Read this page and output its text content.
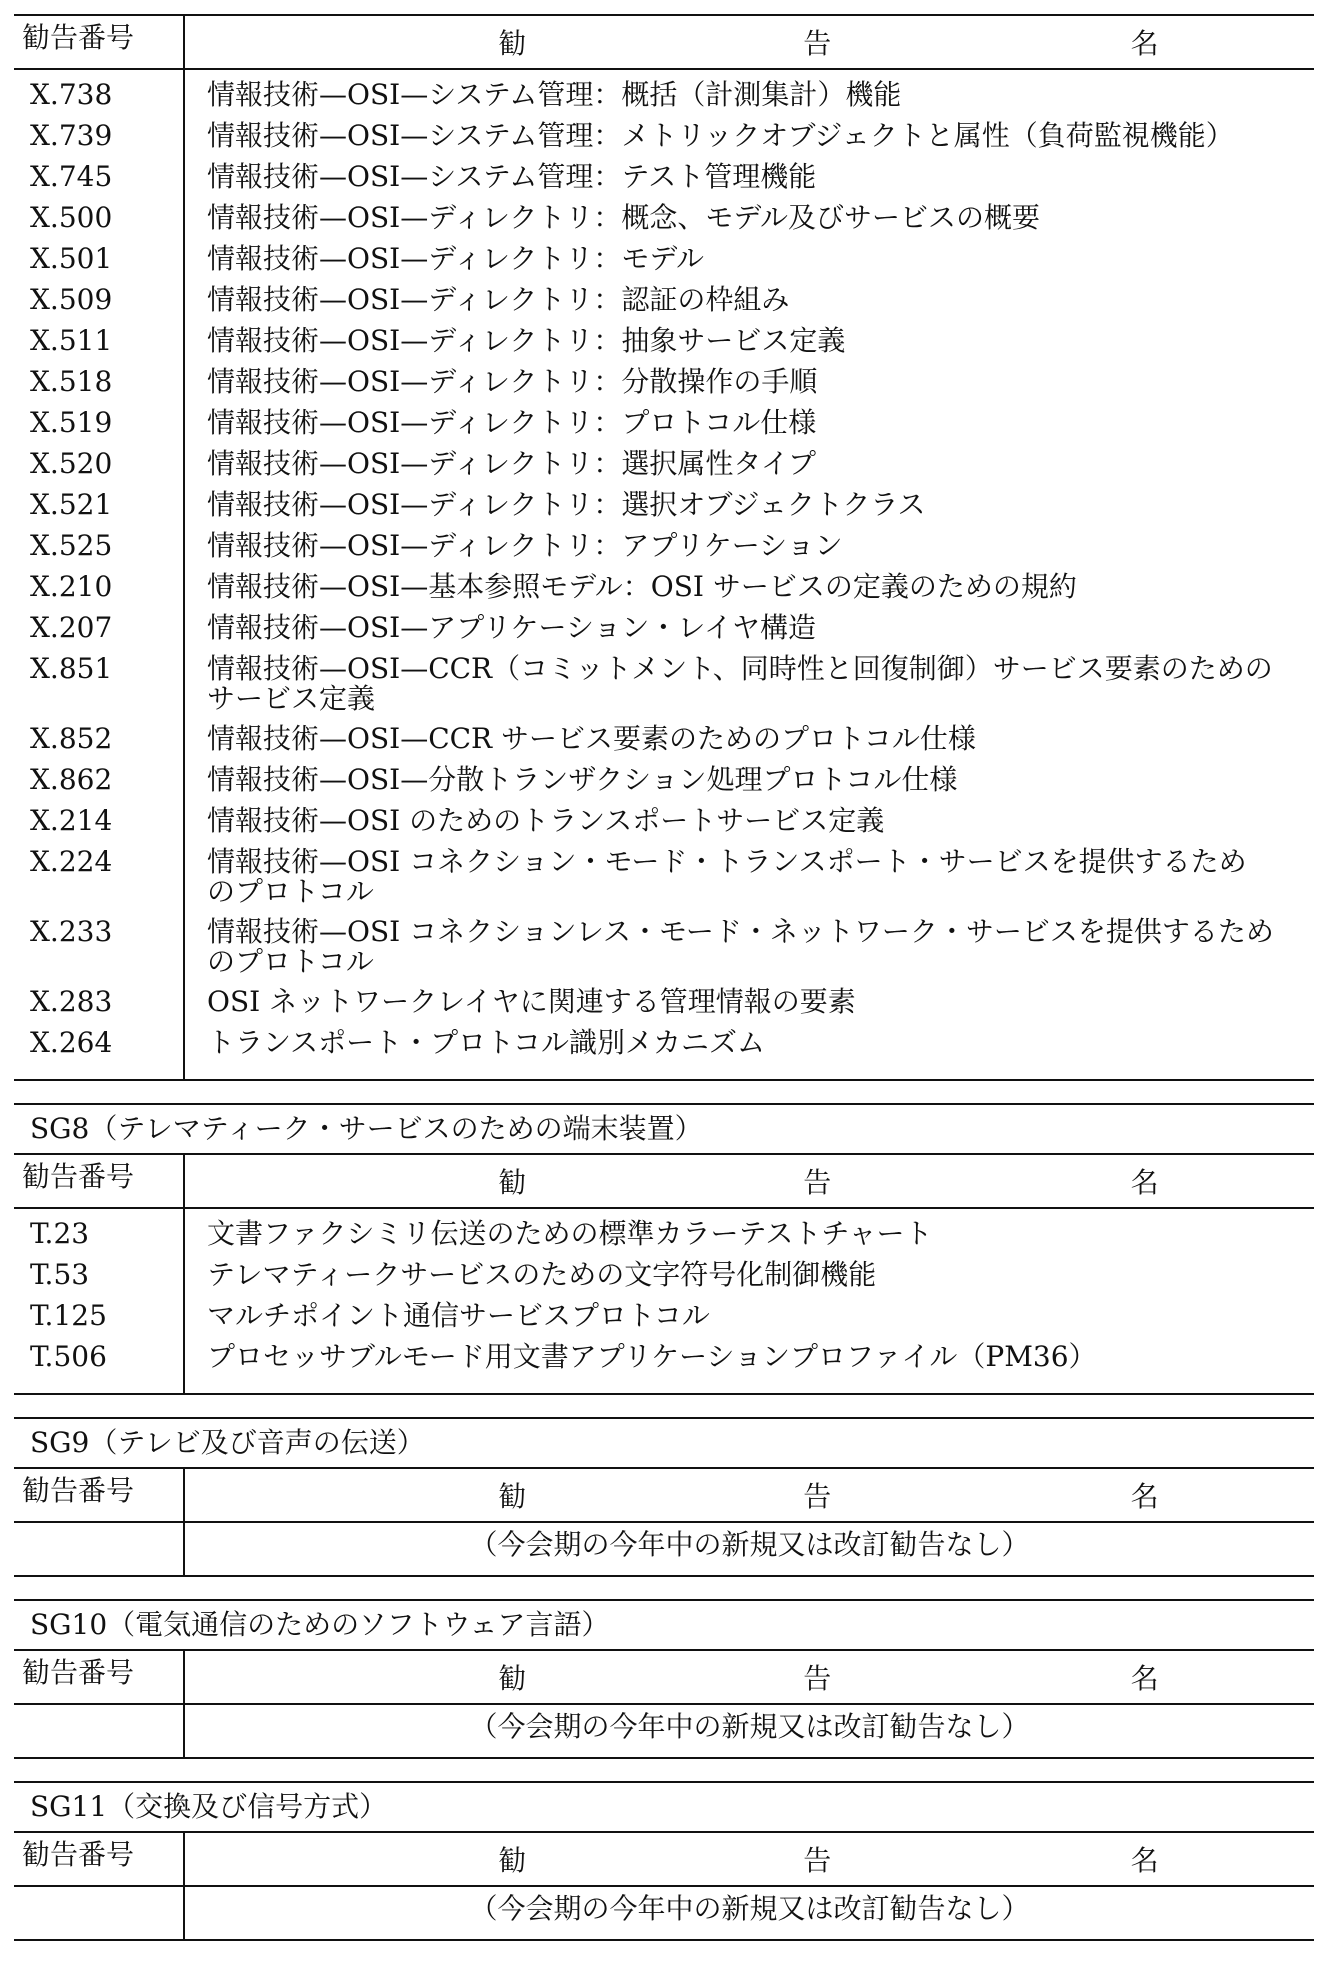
勧告番号	勧 告 名

X.738	情報技術—OSI—システム管理：概括（計測集計）機能
X.739	情報技術—OSI—システム管理：メトリックオブジェクトと属性（負荷監視機能）
X.745	情報技術—OSI—システム管理：テスト管理機能
X.500	情報技術—OSI—ディレクトリ：概念、モデル及びサービスの概要
X.501	情報技術—OSI—ディレクトリ：モデル
X.509	情報技術—OSI—ディレクトリ：認証の枠組み
X.511	情報技術—OSI—ディレクトリ：抽象サービス定義
X.518	情報技術—OSI—ディレクトリ：分散操作の手順
X.519	情報技術—OSI—ディレクトリ：プロトコル仕様
X.520	情報技術—OSI—ディレクトリ：選択属性タイプ
X.521	情報技術—OSI—ディレクトリ：選択オブジェクトクラス
X.525	情報技術—OSI—ディレクトリ：アプリケーション
X.210	情報技術—OSI—基本参照モデル：OSI サービスの定義のための規約
X.207	情報技術—OSI—アプリケーション・レイヤ構造
X.851	情報技術—OSI—CCR（コミットメント、同時性と回復制御）サービス要素のためのサービス定義
X.852	情報技術—OSI—CCR サービス要素のためのプロトコル仕様
X.862	情報技術—OSI—分散トランザクション処理プロトコル仕様
X.214	情報技術—OSI のためのトランスポートサービス定義
X.224	情報技術—OSI コネクション・モード・トランスポート・サービスを提供するためのプロトコル
X.233	情報技術—OSI コネクションレス・モード・ネットワーク・サービスを提供するためのプロトコル
X.283	OSI ネットワークレイヤに関連する管理情報の要素
X.264	トランスポート・プロトコル識別メカニズム

SG8（テレマティーク・サービスのための端末装置）
勧告番号	勧 告 名

T.23	文書ファクシミリ伝送のための標準カラーテストチャート
T.53	テレマティークサービスのための文字符号化制御機能
T.125	マルチポイント通信サービスプロトコル
T.506	プロセッサブルモード用文書アプリケーションプロファイル（PM36）

SG9（テレビ及び音声の伝送）
勧告番号	勧 告 名

	（今会期の今年中の新規又は改訂勧告なし）
SG10（電気通信のためのソフトウェア言語）
勧告番号	勧 告 名

	（今会期の今年中の新規又は改訂勧告なし）
SG11（交換及び信号方式）
勧告番号	勧 告 名

	（今会期の今年中の新規又は改訂勧告なし）
